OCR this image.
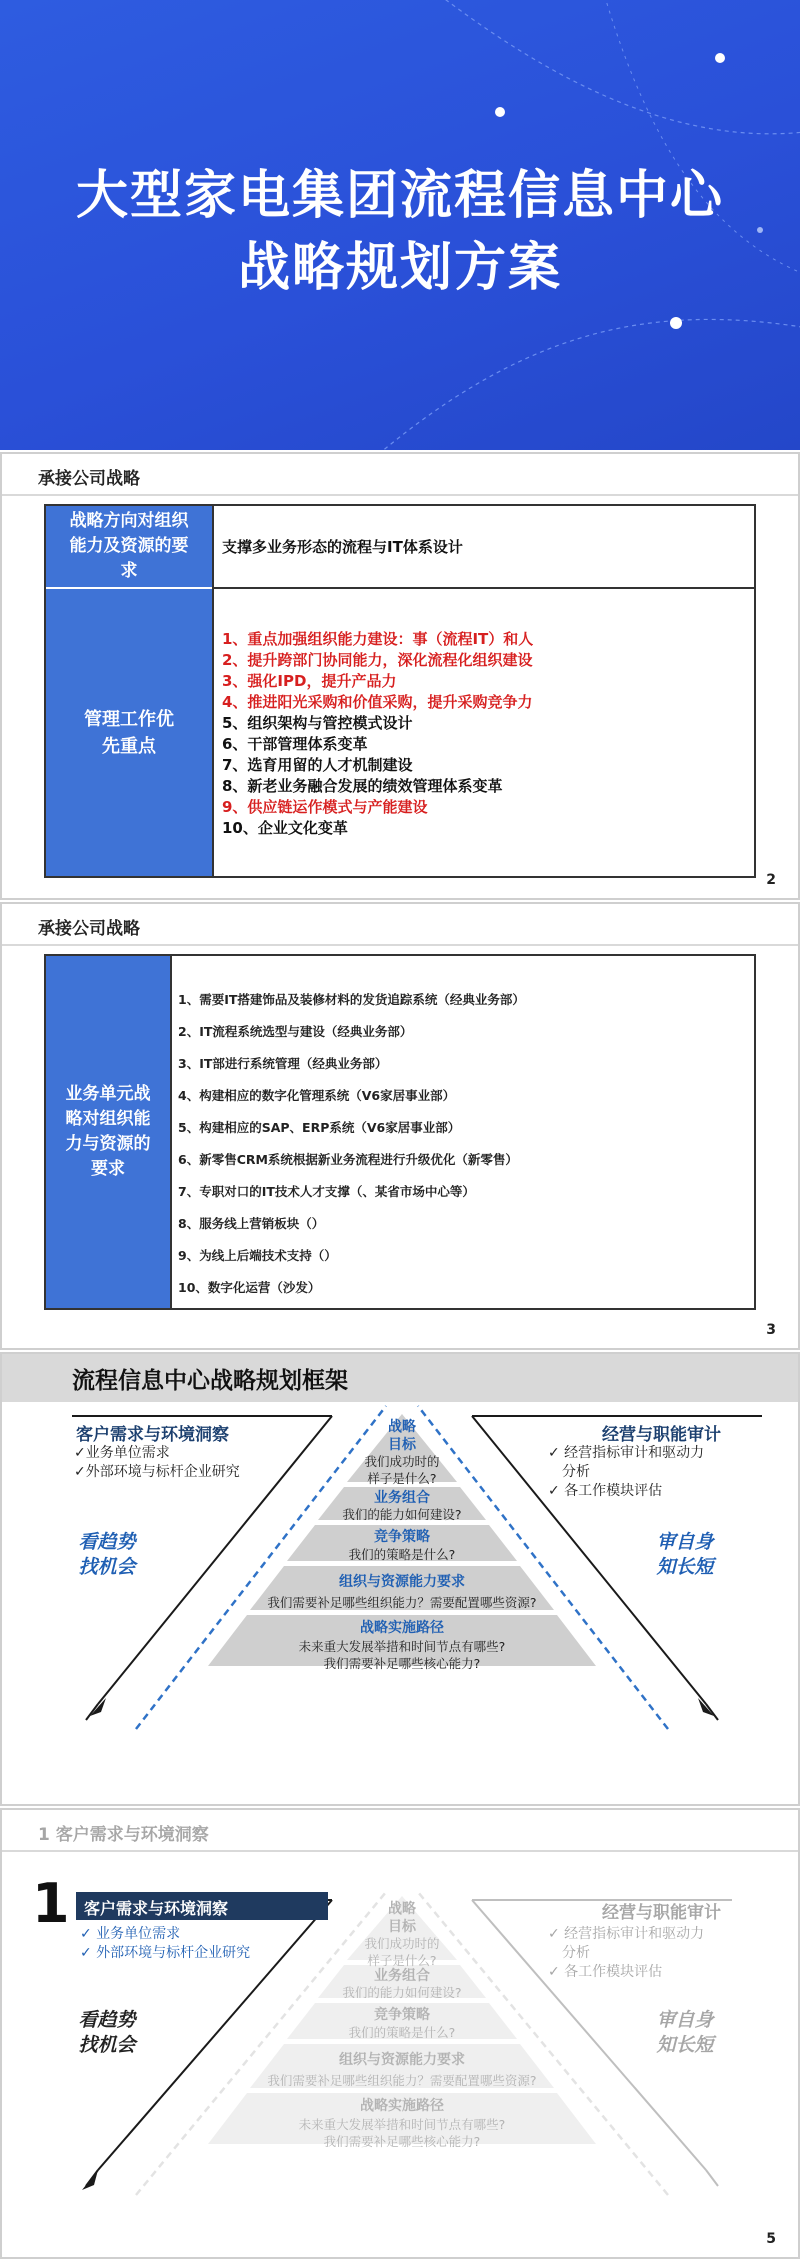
大型家电集团流程信息中心
战略规划方案
承接公司战略
战略方向对组织能力及资源的要求
支撑多业务形态的流程与IT体系设计
管理工作优先重点
1、重点加强组织能力建设：事（流程IT）和人
2、提升跨部门协同能力，深化流程化组织建设
3、强化IPD，提升产品力
4、推进阳光采购和价值采购，提升采购竞争力
5、组织架构与管控模式设计
6、干部管理体系变革
7、选育用留的人才机制建设
8、新老业务融合发展的绩效管理体系变革
9、供应链运作模式与产能建设
10、企业文化变革
2
承接公司战略
业务单元战略对组织能力与资源的要求
1、需要IT搭建饰品及装修材料的发货追踪系统（经典业务部）
2、IT流程系统选型与建设（经典业务部）
3、IT部进行系统管理（经典业务部）
4、构建相应的数字化管理系统（V6家居事业部）
5、构建相应的SAP、ERP系统（V6家居事业部）
6、新零售CRM系统根据新业务流程进行升级优化（新零售）
7、专职对口的IT技术人才支撑（、某省市场中心等）
8、服务线上营销板块（）
9、为线上后端技术支持（）
10、数字化运营（沙发）
3
流程信息中心战略规划框架
客户需求与环境洞察
✓业务单位需求
✓外部环境与标杆企业研究
看趋势
找机会
经营与职能审计
✓ 经营指标审计和驱动力
分析
✓ 各工作模块评估
审自身
知长短
战略
目标
我们成功时的
样子是什么?
业务组合
我们的能力如何建设?
竞争策略
我们的策略是什么?
组织与资源能力要求
我们需要补足哪些组织能力？需要配置哪些资源?
战略实施路径
未来重大发展举措和时间节点有哪些?
我们需要补足哪些核心能力?
1 客户需求与环境洞察
1 客户需求与环境洞察
✓ 业务单位需求
✓ 外部环境与标杆企业研究
看趋势
找机会
经营与职能审计
✓ 经营指标审计和驱动力
分析
✓ 各工作模块评估
审自身
知长短
战略
目标
我们成功时的
样子是什么?
业务组合
我们的能力如何建设?
竞争策略
我们的策略是什么?
组织与资源能力要求
我们需要补足哪些组织能力？需要配置哪些资源?
战略实施路径
未来重大发展举措和时间节点有哪些?
我们需要补足哪些核心能力?
5
